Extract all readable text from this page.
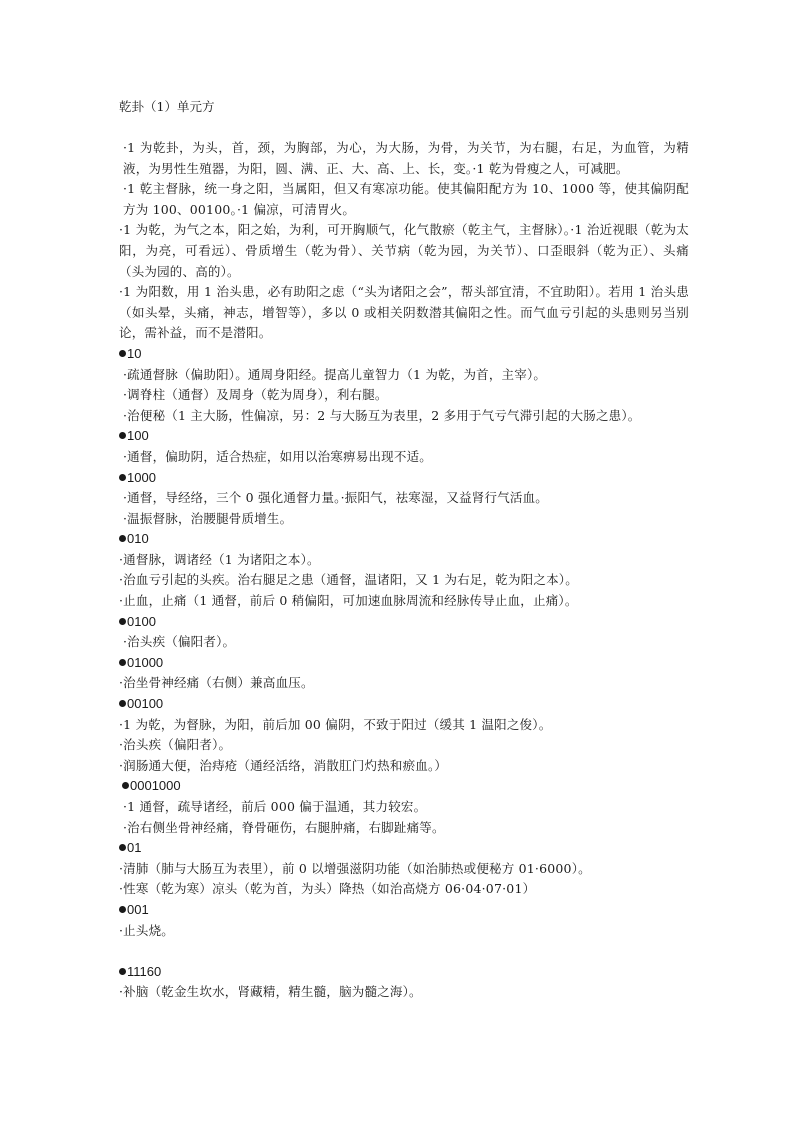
乾卦（1）单元方

·1 为乾卦，为头，首，颈，为胸部，为心，为大肠，为骨，为关节，为右腿，右足，为血管，为精液，为男性生殖器，为阳，圆、满、正、大、高、上、长，变。·1 乾为骨瘦之人，可减肥。

·1 乾主督脉，统一身之阳，当属阳，但又有寒凉功能。使其偏阳配方为 10、1000 等，使其偏阴配方为 100、00100。·1 偏凉，可清胃火。

·1 为乾，为气之本，阳之始，为利，可开胸顺气，化气散瘀（乾主气，主督脉）。·1 治近视眼（乾为太阳，为亮，可看远）、骨质增生（乾为骨）、关节病（乾为园，为关节）、口歪眼斜（乾为正）、头痛（头为园的、高的）。

·1 为阳数，用 1 治头患，必有助阳之虑（“头为诸阳之会”，帮头部宜清，不宜助阳）。若用 1 治头患（如头晕，头痛，神志，增智等），多以 0 或相关阴数潜其偏阳之性。而气血亏引起的头患则另当别论，需补益，而不是潜阳。

10
·疏通督脉（偏助阳）。通周身阳经。提高儿童智力（1 为乾，为首，主宰）。
·调脊柱（通督）及周身（乾为周身），利右腿。
·治便秘（1 主大肠，性偏凉，另：2 与大肠互为表里，2 多用于气亏气滞引起的大肠之患）。
100
·通督，偏助阴，适合热症，如用以治寒痹易出现不适。
1000
·通督，导经络，三个 0 强化通督力量。·振阳气，祛寒湿，又益肾行气活血。
·温振督脉，治腰腿骨质增生。
010
·通督脉，调诸经（1 为诸阳之本）。
·治血亏引起的头疾。治右腿足之患（通督，温诸阳，又 1 为右足，乾为阳之本）。
·止血，止痛（1 通督，前后 0 稍偏阳，可加速血脉周流和经脉传导止血，止痛）。
0100
·治头疾（偏阳者）。
01000
·治坐骨神经痛（右侧）兼高血压。
00100
·1 为乾，为督脉，为阳，前后加 00 偏阴，不致于阳过（缓其 1 温阳之俊）。
·治头疾（偏阳者）。
·润肠通大便，治痔疮（通经活络，消散肛门灼热和瘀血。）
0001000
·1 通督，疏导诸经，前后 000 偏于温通，其力较宏。
·治右侧坐骨神经痛，脊骨砸伤，右腿肿痛，右脚趾痛等。
01
·清肺（肺与大肠互为表里），前 0 以增强滋阴功能（如治肺热或便秘方 01·6000）。
·性寒（乾为寒）凉头（乾为首，为头）降热（如治高烧方 06·04·07·01）
001
·止头烧。
11160
·补脑（乾金生坎水，肾藏精，精生髓，脑为髓之海）。
